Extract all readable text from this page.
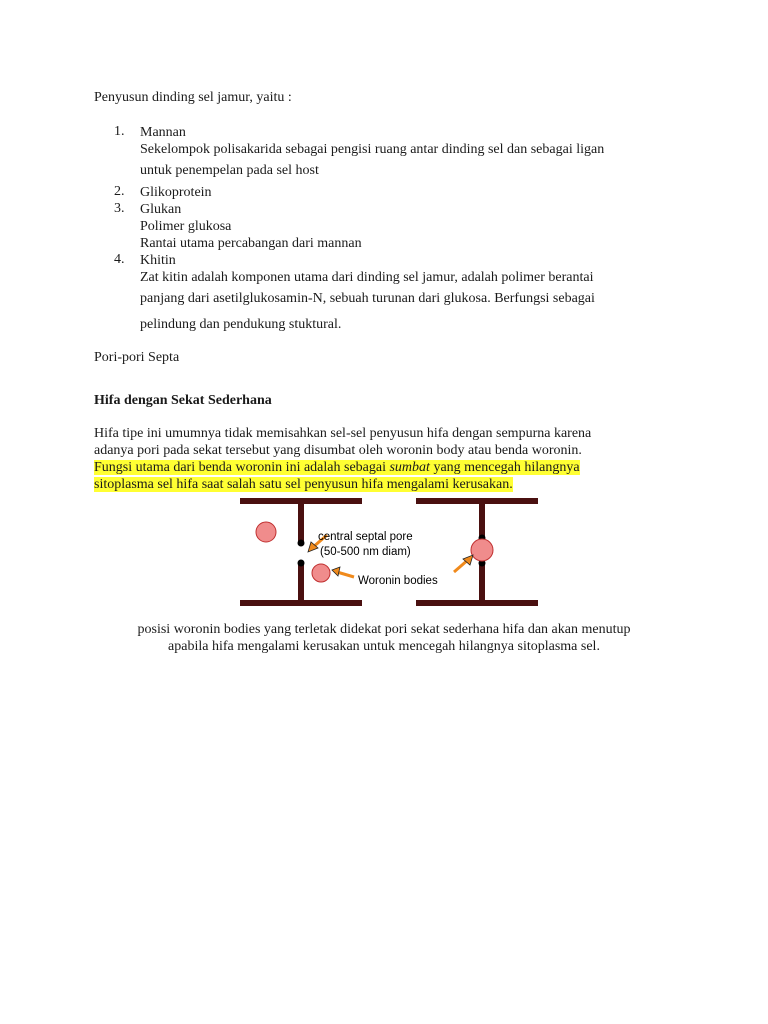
Penyusun dinding sel jamur, yaitu :
1. Mannan
Sekelompok polisakarida sebagai pengisi ruang antar dinding sel dan sebagai ligan
untuk penempelan pada sel host
2. Glikoprotein
3. Glukan
Polimer glukosa
Rantai utama percabangan dari mannan
4. Khitin
Zat kitin adalah komponen utama dari dinding sel jamur, adalah polimer berantai
panjang dari asetilglukosamin-N, sebuah turunan dari glukosa. Berfungsi sebagai
pelindung dan pendukung stuktural.
Pori-pori Septa
Hifa dengan Sekat Sederhana
Hifa tipe ini umumnya tidak memisahkan sel-sel penyusun hifa dengan sempurna karena
adanya pori pada sekat tersebut yang disumbat oleh woronin body atau benda woronin.
Fungsi utama dari benda woronin ini adalah sebagai sumbat yang mencegah hilangnya
sitoplasma sel hifa saat salah satu sel penyusun hifa mengalami kerusakan.
central septal pore
(50-500 nm diam)
Woronin bodies
posisi woronin bodies yang terletak didekat pori sekat sederhana hifa dan akan menutup
apabila hifa mengalami kerusakan untuk mencegah hilangnya sitoplasma sel.
